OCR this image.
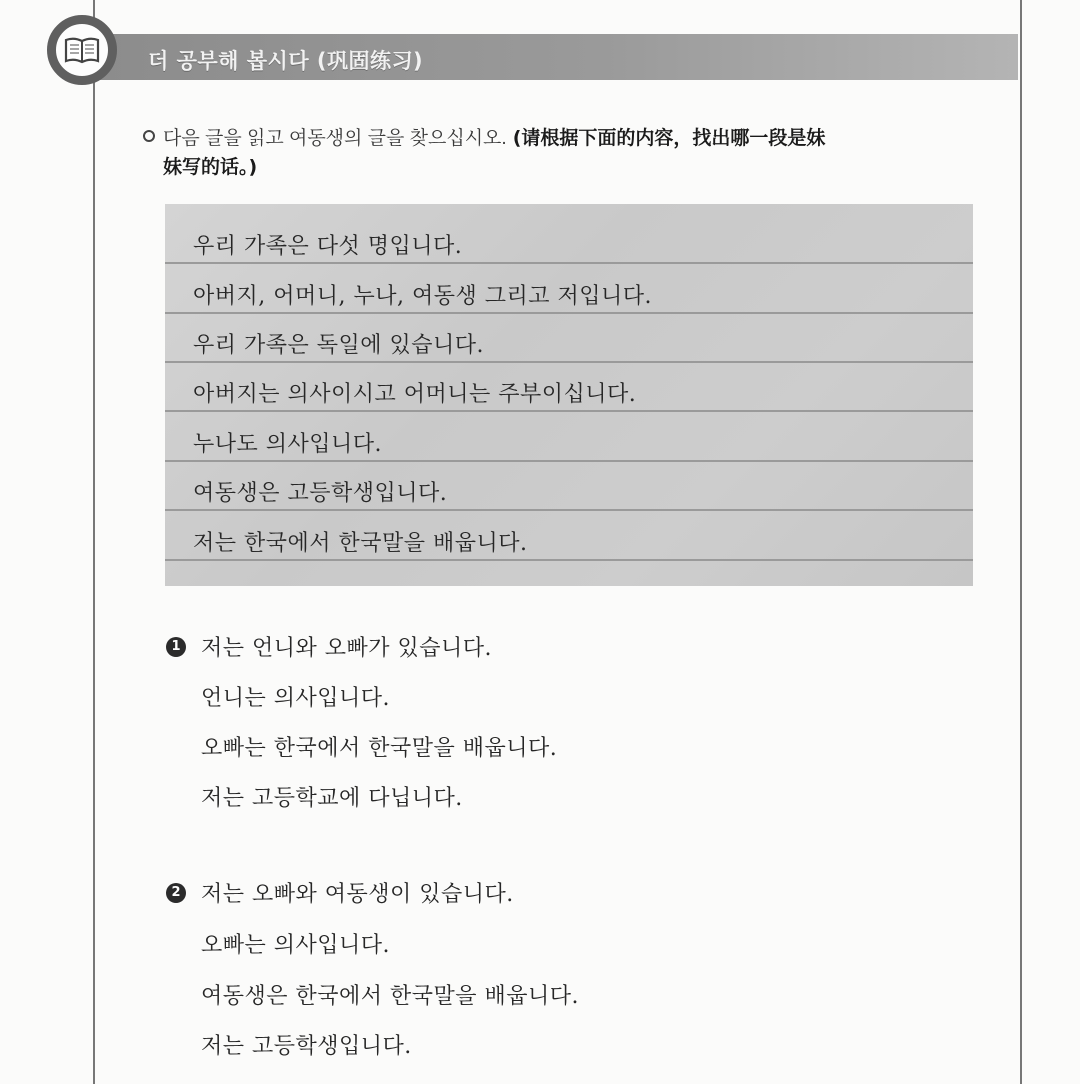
더 공부해 봅시다 (巩固练习)
다음 글을 읽고 여동생의 글을 찾으십시오. (请根据下面的内容，找出哪一段是妹
妹写的话。)
우리 가족은 다섯 명입니다.
아버지, 어머니, 누나, 여동생 그리고 저입니다.
우리 가족은 독일에 있습니다.
아버지는 의사이시고 어머니는 주부이십니다.
누나도 의사입니다.
여동생은 고등학생입니다.
저는 한국에서 한국말을 배웁니다.
1 저는 언니와 오빠가 있습니다.
언니는 의사입니다.
오빠는 한국에서 한국말을 배웁니다.
저는 고등학교에 다닙니다.
2 저는 오빠와 여동생이 있습니다.
오빠는 의사입니다.
여동생은 한국에서 한국말을 배웁니다.
저는 고등학생입니다.
